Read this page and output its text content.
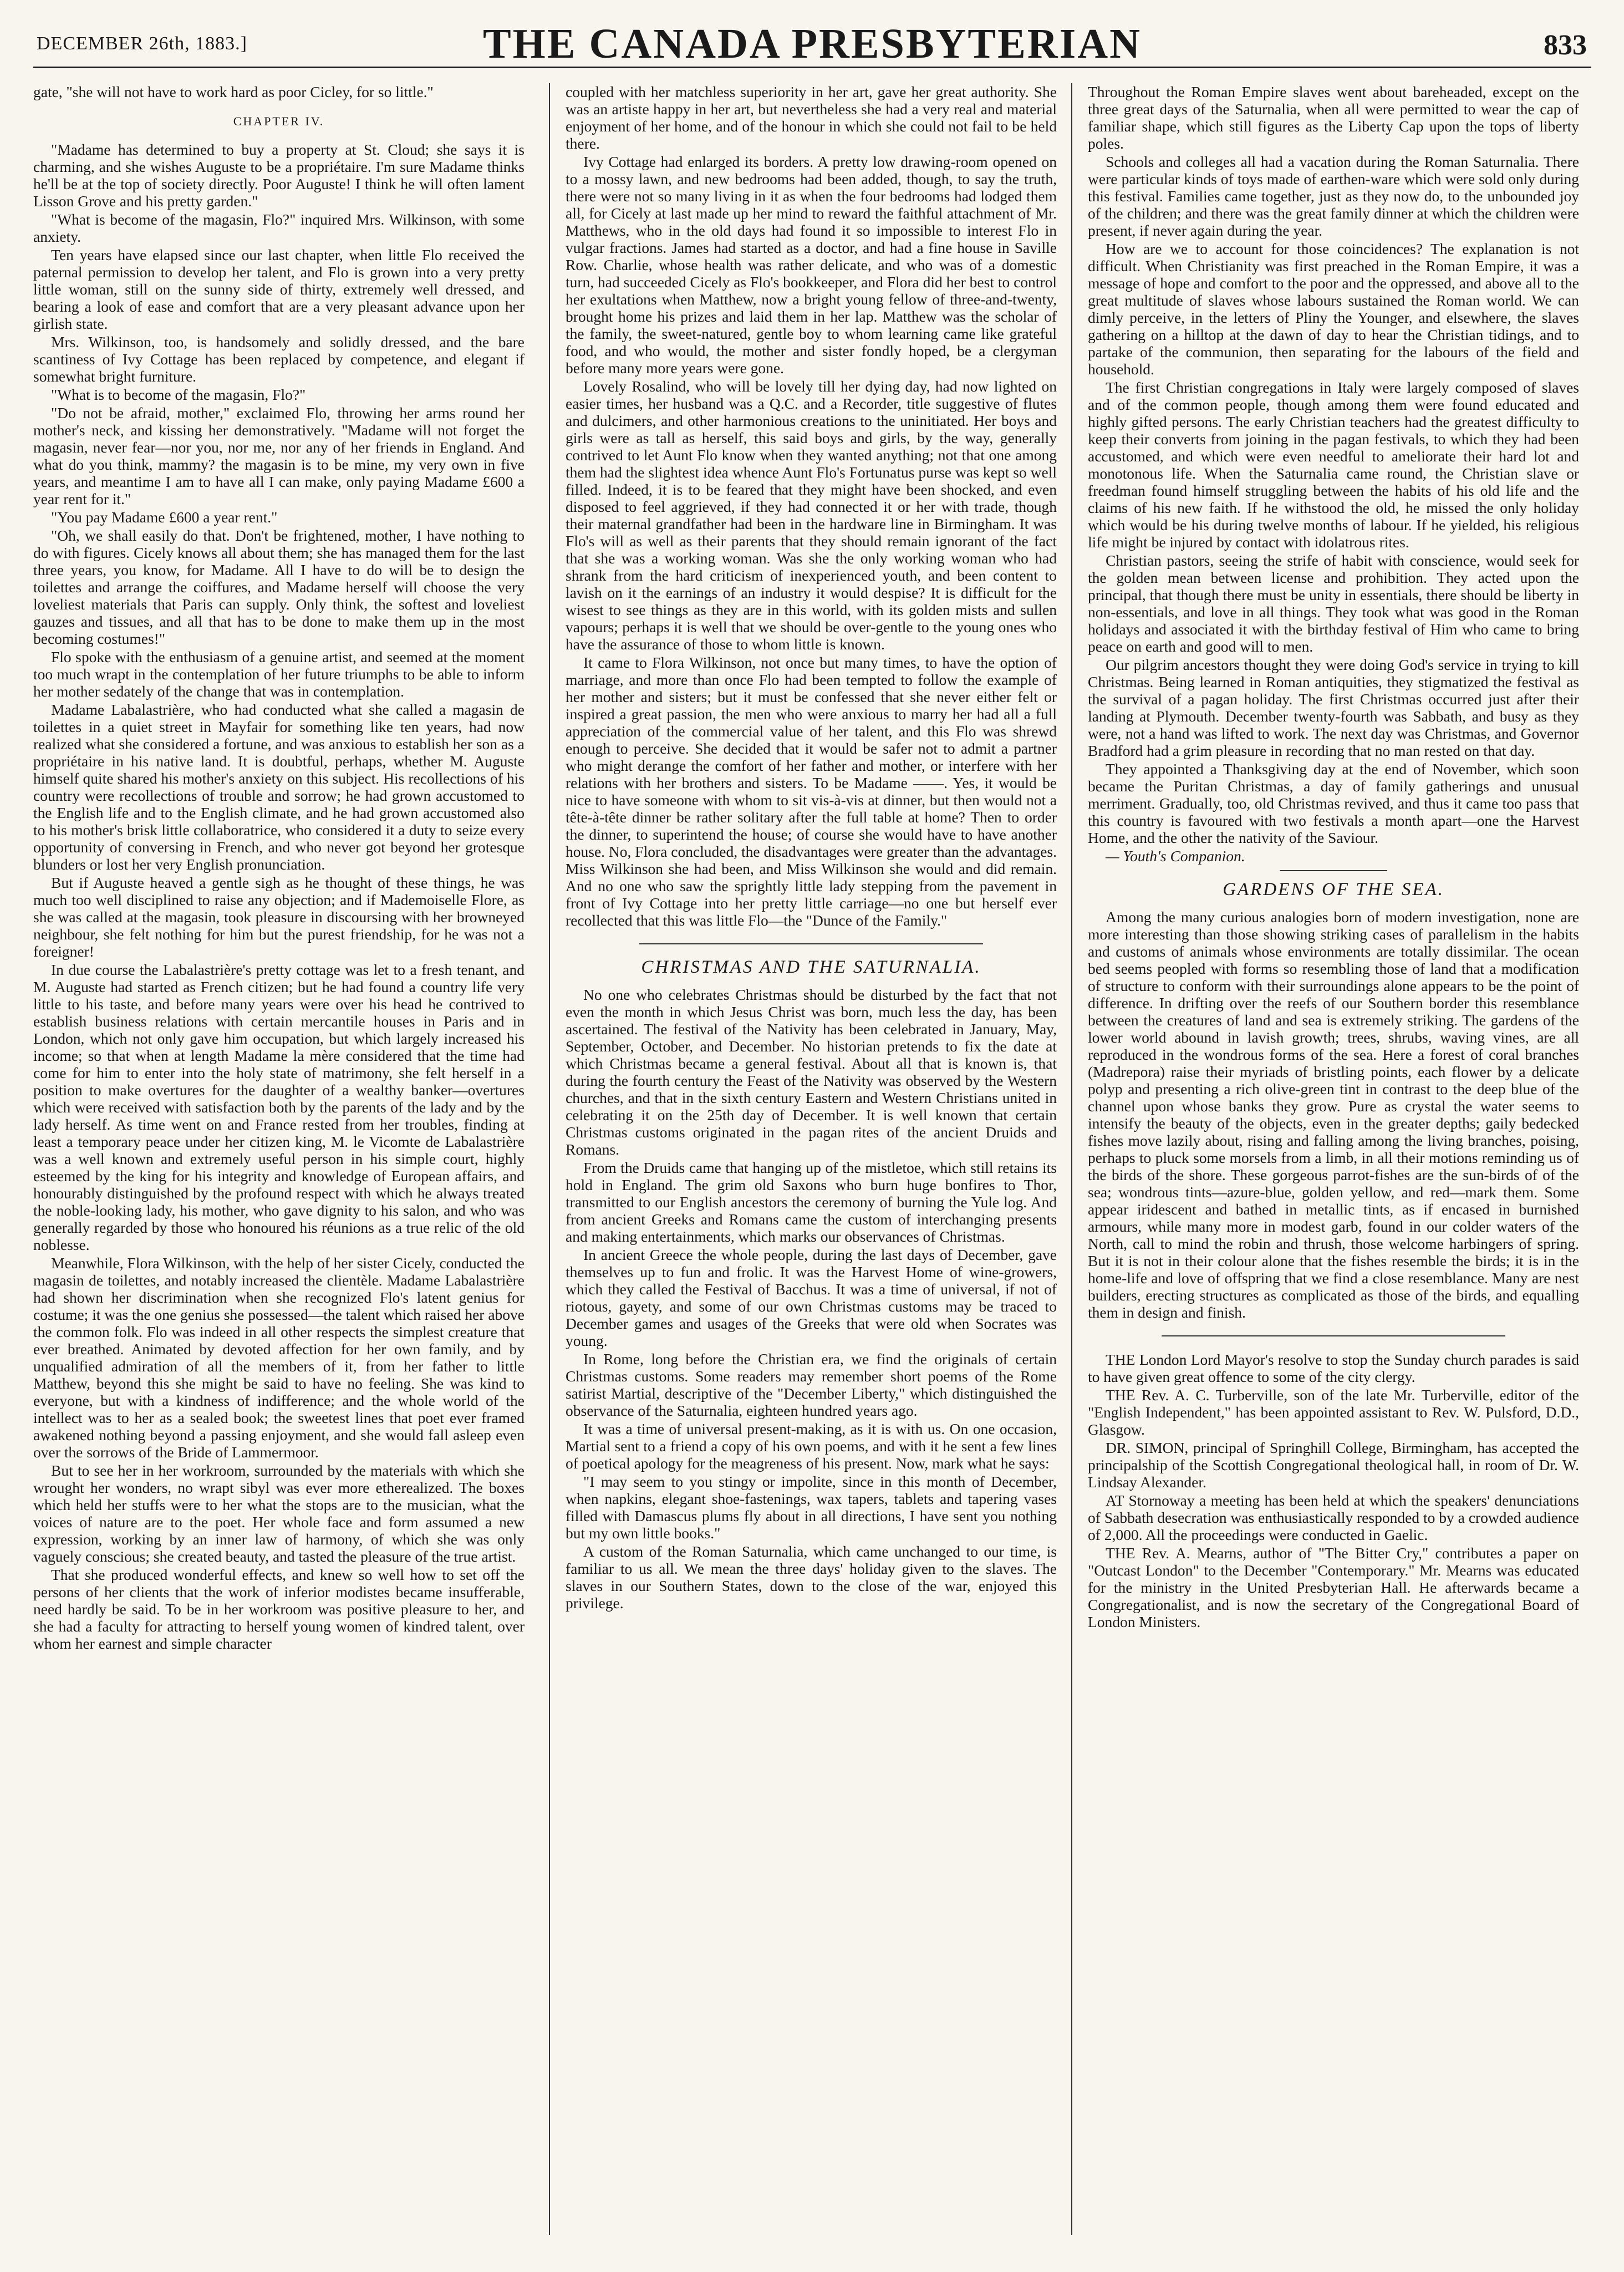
DECEMBER 26th, 1883.]	THE CANADA PRESBYTERIAN	833

gate, "she will not have to work hard as poor Cicley, for so little."

CHAPTER IV.

"Madame has determined to buy a property at St. Cloud; she says it is charming, and she wishes Auguste to be a propriétaire. I'm sure Madame thinks he'll be at the top of society directly. Poor Auguste! I think he will often lament Lisson Grove and his pretty garden."

"What is become of the magasin, Flo?" inquired Mrs. Wilkinson, with some anxiety.

Ten years have elapsed since our last chapter, when little Flo received the paternal permission to develop her talent, and Flo is grown into a very pretty little woman, still on the sunny side of thirty, extremely well dressed, and bearing a look of ease and comfort that are a very pleasant advance upon her girlish state.

Mrs. Wilkinson, too, is handsomely and solidly dressed, and the bare scantiness of Ivy Cottage has been replaced by competence, and elegant if somewhat bright furniture.

"What is to become of the magasin, Flo?"

"Do not be afraid, mother," exclaimed Flo, throwing her arms round her mother's neck, and kissing her demonstratively. "Madame will not forget the magasin, never fear—nor you, nor me, nor any of her friends in England. And what do you think, mammy? the magasin is to be mine, my very own in five years, and meantime I am to have all I can make, only paying Madame £600 a year rent for it."

"You pay Madame £600 a year rent."

"Oh, we shall easily do that. Don't be frightened, mother, I have nothing to do with figures. Cicely knows all about them; she has managed them for the last three years, you know, for Madame. All I have to do will be to design the toilettes and arrange the coiffures, and Madame herself will choose the very loveliest materials that Paris can supply. Only think, the softest and loveliest gauzes and tissues, and all that has to be done to make them up in the most becoming costumes!"

Flo spoke with the enthusiasm of a genuine artist, and seemed at the moment too much wrapt in the contemplation of her future triumphs to be able to inform her mother sedately of the change that was in contemplation.

Madame Labalastrière, who had conducted what she called a magasin de toilettes in a quiet street in Mayfair for something like ten years, had now realized what she considered a fortune, and was anxious to establish her son as a propriétaire in his native land. It is doubtful, perhaps, whether M. Auguste himself quite shared his mother's anxiety on this subject. His recollections of his country were recollections of trouble and sorrow; he had grown accustomed to the English life and to the English climate, and he had grown accustomed also to his mother's brisk little collaboratrice, who considered it a duty to seize every opportunity of conversing in French, and who never got beyond her grotesque blunders or lost her very English pronunciation.

But if Auguste heaved a gentle sigh as he thought of these things, he was much too well disciplined to raise any objection; and if Mademoiselle Flore, as she was called at the magasin, took pleasure in discoursing with her browneyed neighbour, she felt nothing for him but the purest friendship, for he was not a foreigner!

In due course the Labalastrière's pretty cottage was let to a fresh tenant, and M. Auguste had started as French citizen; but he had found a country life very little to his taste, and before many years were over his head he contrived to establish business relations with certain mercantile houses in Paris and in London, which not only gave him occupation, but which largely increased his income; so that when at length Madame la mère considered that the time had come for him to enter into the holy state of matrimony, she felt herself in a position to make overtures for the daughter of a wealthy banker—overtures which were received with satisfaction both by the parents of the lady and by the lady herself. As time went on and France rested from her troubles, finding at least a temporary peace under her citizen king, M. le Vicomte de Labalastrière was a well known and extremely useful person in his simple court, highly esteemed by the king for his integrity and knowledge of European affairs, and honourably distinguished by the profound respect with which he always treated the noble-looking lady, his mother, who gave dignity to his salon, and who was generally regarded by those who honoured his réunions as a true relic of the old noblesse.

Meanwhile, Flora Wilkinson, with the help of her sister Cicely, conducted the magasin de toilettes, and notably increased the clientèle. Madame Labalastrière had shown her discrimination when she recognized Flo's latent genius for costume; it was the one genius she possessed—the talent which raised her above the common folk. Flo was indeed in all other respects the simplest creature that ever breathed. Animated by devoted affection for her own family, and by unqualified admiration of all the members of it, from her father to little Matthew, beyond this she might be said to have no feeling. She was kind to everyone, but with a kindness of indifference; and the whole world of the intellect was to her as a sealed book; the sweetest lines that poet ever framed awakened nothing beyond a passing enjoyment, and she would fall asleep even over the sorrows of the Bride of Lammermoor.

But to see her in her workroom, surrounded by the materials with which she wrought her wonders, no wrapt sibyl was ever more etherealized. The boxes which held her stuffs were to her what the stops are to the musician, what the voices of nature are to the poet. Her whole face and form assumed a new expression, working by an inner law of harmony, of which she was only vaguely conscious; she created beauty, and tasted the pleasure of the true artist.

That she produced wonderful effects, and knew so well how to set off the persons of her clients that the work of inferior modistes became insufferable, need hardly be said. To be in her workroom was positive pleasure to her, and she had a faculty for attracting to herself young women of kindred talent, over whom her earnest and simple character

coupled with her matchless superiority in her art, gave her great authority. She was an artiste happy in her art, but nevertheless she had a very real and material enjoyment of her home, and of the honour in which she could not fail to be held there.

Ivy Cottage had enlarged its borders. A pretty low drawing-room opened on to a mossy lawn, and new bedrooms had been added, though, to say the truth, there were not so many living in it as when the four bedrooms had lodged them all, for Cicely at last made up her mind to reward the faithful attachment of Mr. Matthews, who in the old days had found it so impossible to interest Flo in vulgar fractions. James had started as a doctor, and had a fine house in Saville Row. Charlie, whose health was rather delicate, and who was of a domestic turn, had succeeded Cicely as Flo's bookkeeper, and Flora did her best to control her exultations when Matthew, now a bright young fellow of three-and-twenty, brought home his prizes and laid them in her lap. Matthew was the scholar of the family, the sweet-natured, gentle boy to whom learning came like grateful food, and who would, the mother and sister fondly hoped, be a clergyman before many more years were gone.

Lovely Rosalind, who will be lovely till her dying day, had now lighted on easier times, her husband was a Q.C. and a Recorder, title suggestive of flutes and dulcimers, and other harmonious creations to the uninitiated. Her boys and girls were as tall as herself, this said boys and girls, by the way, generally contrived to let Aunt Flo know when they wanted anything; not that one among them had the slightest idea whence Aunt Flo's Fortunatus purse was kept so well filled. Indeed, it is to be feared that they might have been shocked, and even disposed to feel aggrieved, if they had connected it or her with trade, though their maternal grandfather had been in the hardware line in Birmingham. It was Flo's will as well as their parents that they should remain ignorant of the fact that she was a working woman. Was she the only working woman who had shrank from the hard criticism of inexperienced youth, and been content to lavish on it the earnings of an industry it would despise? It is difficult for the wisest to see things as they are in this world, with its golden mists and sullen vapours; perhaps it is well that we should be over-gentle to the young ones who have the assurance of those to whom little is known.

It came to Flora Wilkinson, not once but many times, to have the option of marriage, and more than once Flo had been tempted to follow the example of her mother and sisters; but it must be confessed that she never either felt or inspired a great passion, the men who were anxious to marry her had all a full appreciation of the commercial value of her talent, and this Flo was shrewd enough to perceive. She decided that it would be safer not to admit a partner who might derange the comfort of her father and mother, or interfere with her relations with her brothers and sisters. To be Madame ——. Yes, it would be nice to have someone with whom to sit vis-à-vis at dinner, but then would not a tête-à-tête dinner be rather solitary after the full table at home? Then to order the dinner, to superintend the house; of course she would have to have another house. No, Flora concluded, the disadvantages were greater than the advantages. Miss Wilkinson she had been, and Miss Wilkinson she would and did remain. And no one who saw the sprightly little lady stepping from the pavement in front of Ivy Cottage into her pretty little carriage—no one but herself ever recollected that this was little Flo—the "Dunce of the Family."

CHRISTMAS AND THE SATURNALIA.

No one who celebrates Christmas should be disturbed by the fact that not even the month in which Jesus Christ was born, much less the day, has been ascertained. The festival of the Nativity has been celebrated in January, May, September, October, and December. No historian pretends to fix the date at which Christmas became a general festival. About all that is known is, that during the fourth century the Feast of the Nativity was observed by the Western churches, and that in the sixth century Eastern and Western Christians united in celebrating it on the 25th day of December. It is well known that certain Christmas customs originated in the pagan rites of the ancient Druids and Romans.

From the Druids came that hanging up of the mistletoe, which still retains its hold in England. The grim old Saxons who burn huge bonfires to Thor, transmitted to our English ancestors the ceremony of burning the Yule log. And from ancient Greeks and Romans came the custom of interchanging presents and making entertainments, which marks our observances of Christmas.

In ancient Greece the whole people, during the last days of December, gave themselves up to fun and frolic. It was the Harvest Home of wine-growers, which they called the Festival of Bacchus. It was a time of universal, if not of riotous, gayety, and some of our own Christmas customs may be traced to December games and usages of the Greeks that were old when Socrates was young.

In Rome, long before the Christian era, we find the originals of certain Christmas customs. Some readers may remember short poems of the Rome satirist Martial, descriptive of the "December Liberty," which distinguished the observance of the Saturnalia, eighteen hundred years ago.

It was a time of universal present-making, as it is with us. On one occasion, Martial sent to a friend a copy of his own poems, and with it he sent a few lines of poetical apology for the meagreness of his present. Now, mark what he says:

"I may seem to you stingy or impolite, since in this month of December, when napkins, elegant shoe-fastenings, wax tapers, tablets and tapering vases filled with Damascus plums fly about in all directions, I have sent you nothing but my own little books."

A custom of the Roman Saturnalia, which came unchanged to our time, is familiar to us all. We mean the three days' holiday given to the slaves. The slaves in our Southern States, down to the close of the war, enjoyed this privilege.

Throughout the Roman Empire slaves went about bareheaded, except on the three great days of the Saturnalia, when all were permitted to wear the cap of familiar shape, which still figures as the Liberty Cap upon the tops of liberty poles.

Schools and colleges all had a vacation during the Roman Saturnalia. There were particular kinds of toys made of earthen-ware which were sold only during this festival. Families came together, just as they now do, to the unbounded joy of the children; and there was the great family dinner at which the children were present, if never again during the year.

How are we to account for those coincidences? The explanation is not difficult. When Christianity was first preached in the Roman Empire, it was a message of hope and comfort to the poor and the oppressed, and above all to the great multitude of slaves whose labours sustained the Roman world. We can dimly perceive, in the letters of Pliny the Younger, and elsewhere, the slaves gathering on a hilltop at the dawn of day to hear the Christian tidings, and to partake of the communion, then separating for the labours of the field and household.

The first Christian congregations in Italy were largely composed of slaves and of the common people, though among them were found educated and highly gifted persons. The early Christian teachers had the greatest difficulty to keep their converts from joining in the pagan festivals, to which they had been accustomed, and which were even needful to ameliorate their hard lot and monotonous life. When the Saturnalia came round, the Christian slave or freedman found himself struggling between the habits of his old life and the claims of his new faith. If he withstood the old, he missed the only holiday which would be his during twelve months of labour. If he yielded, his religious life might be injured by contact with idolatrous rites.

Christian pastors, seeing the strife of habit with conscience, would seek for the golden mean between license and prohibition. They acted upon the principal, that though there must be unity in essentials, there should be liberty in non-essentials, and love in all things. They took what was good in the Roman holidays and associated it with the birthday festival of Him who came to bring peace on earth and good will to men.

Our pilgrim ancestors thought they were doing God's service in trying to kill Christmas. Being learned in Roman antiquities, they stigmatized the festival as the survival of a pagan holiday. The first Christmas occurred just after their landing at Plymouth. December twenty-fourth was Sabbath, and busy as they were, not a hand was lifted to work. The next day was Christmas, and Governor Bradford had a grim pleasure in recording that no man rested on that day.

They appointed a Thanksgiving day at the end of November, which soon became the Puritan Christmas, a day of family gatherings and unusual merriment. Gradually, too, old Christmas revived, and thus it came too pass that this country is favoured with two festivals a month apart—one the Harvest Home, and the other the nativity of the Saviour.

— Youth's Companion.
GARDENS OF THE SEA.

Among the many curious analogies born of modern investigation, none are more interesting than those showing striking cases of parallelism in the habits and customs of animals whose environments are totally dissimilar. The ocean bed seems peopled with forms so resembling those of land that a modification of structure to conform with their surroundings alone appears to be the point of difference. In drifting over the reefs of our Southern border this resemblance between the creatures of land and sea is extremely striking. The gardens of the lower world abound in lavish growth; trees, shrubs, waving vines, are all reproduced in the wondrous forms of the sea. Here a forest of coral branches (Madrepora) raise their myriads of bristling points, each flower by a delicate polyp and presenting a rich olive-green tint in contrast to the deep blue of the channel upon whose banks they grow. Pure as crystal the water seems to intensify the beauty of the objects, even in the greater depths; gaily bedecked fishes move lazily about, rising and falling among the living branches, poising, perhaps to pluck some morsels from a limb, in all their motions reminding us of the birds of the shore. These gorgeous parrot-fishes are the sun-birds of of the sea; wondrous tints—azure-blue, golden yellow, and red—mark them. Some appear iridescent and bathed in metallic tints, as if encased in burnished armours, while many more in modest garb, found in our colder waters of the North, call to mind the robin and thrush, those welcome harbingers of spring. But it is not in their colour alone that the fishes resemble the birds; it is in the home-life and love of offspring that we find a close resemblance. Many are nest builders, erecting structures as complicated as those of the birds, and equalling them in design and finish.

THE London Lord Mayor's resolve to stop the Sunday church parades is said to have given great offence to some of the city clergy.

THE Rev. A. C. Turberville, son of the late Mr. Turberville, editor of the "English Independent," has been appointed assistant to Rev. W. Pulsford, D.D., Glasgow.

DR. SIMON, principal of Springhill College, Birmingham, has accepted the principalship of the Scottish Congregational theological hall, in room of Dr. W. Lindsay Alexander.

AT Stornoway a meeting has been held at which the speakers' denunciations of Sabbath desecration was enthusiastically responded to by a crowded audience of 2,000. All the proceedings were conducted in Gaelic.

THE Rev. A. Mearns, author of "The Bitter Cry," contributes a paper on "Outcast London" to the December "Contemporary." Mr. Mearns was educated for the ministry in the United Presbyterian Hall. He afterwards became a Congregationalist, and is now the secretary of the Congregational Board of London Ministers.
